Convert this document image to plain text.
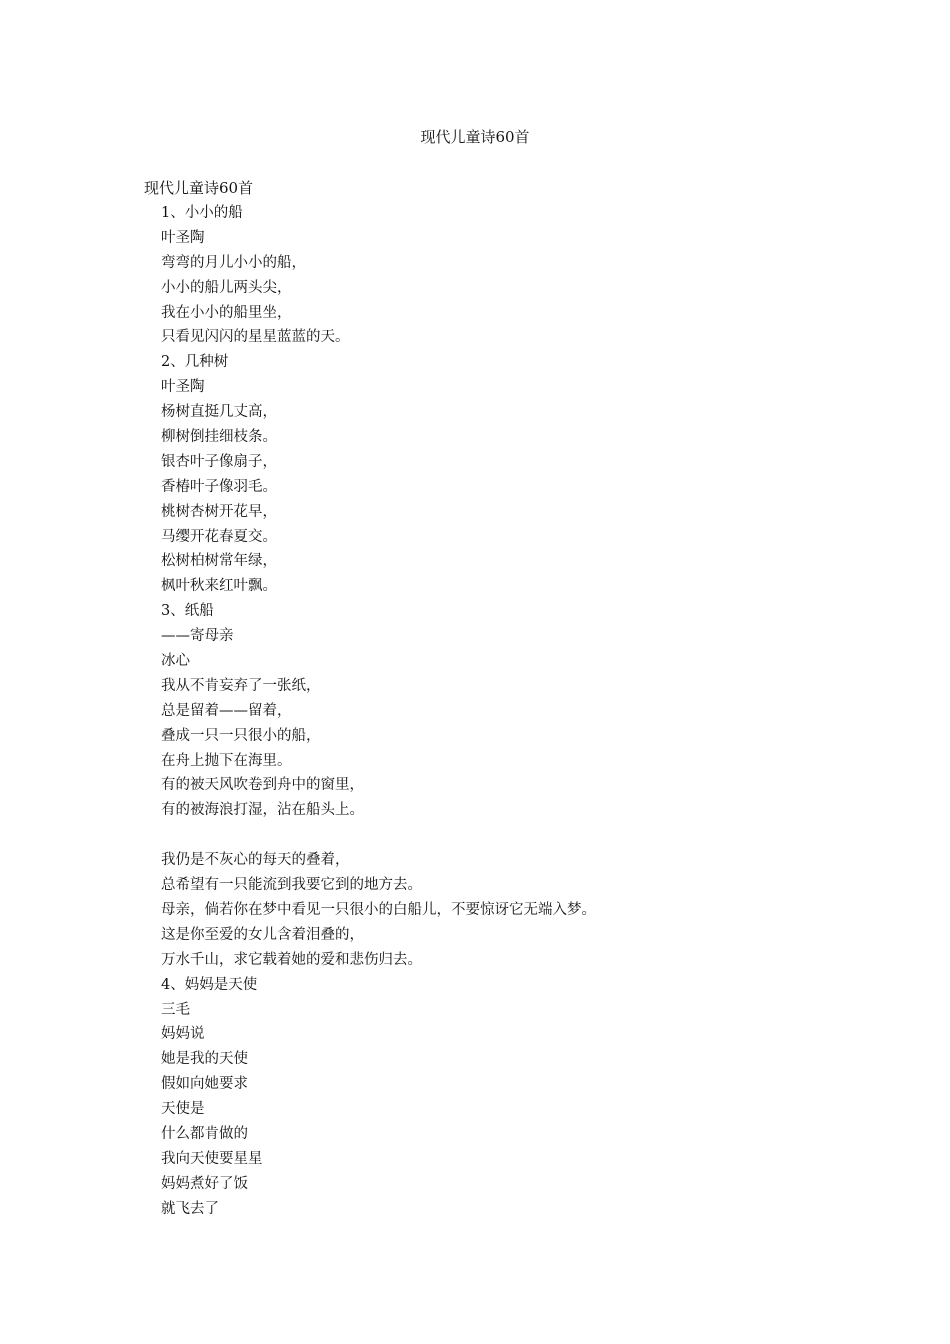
现代儿童诗60首
现代儿童诗60首
1、小小的船
叶圣陶
弯弯的月儿小小的船，
小小的船儿两头尖，
我在小小的船里坐，
只看见闪闪的星星蓝蓝的天。
2、几种树
叶圣陶
杨树直挺几丈高，
柳树倒挂细枝条。
银杏叶子像扇子，
香椿叶子像羽毛。
桃树杏树开花早，
马缨开花春夏交。
松树柏树常年绿，
枫叶秋来红叶飘。
3、纸船
——寄母亲
冰心
我从不肯妄弃了一张纸，
总是留着——留着，
叠成一只一只很小的船，
在舟上抛下在海里。
有的被天风吹卷到舟中的窗里，
有的被海浪打湿，沾在船头上。
我仍是不灰心的每天的叠着，
总希望有一只能流到我要它到的地方去。
母亲，倘若你在梦中看见一只很小的白船儿，不要惊讶它无端入梦。
这是你至爱的女儿含着泪叠的，
万水千山，求它载着她的爱和悲伤归去。
4、妈妈是天使
三毛
妈妈说
她是我的天使
假如向她要求
天使是
什么都肯做的
我向天使要星星
妈妈煮好了饭
就飞去了
